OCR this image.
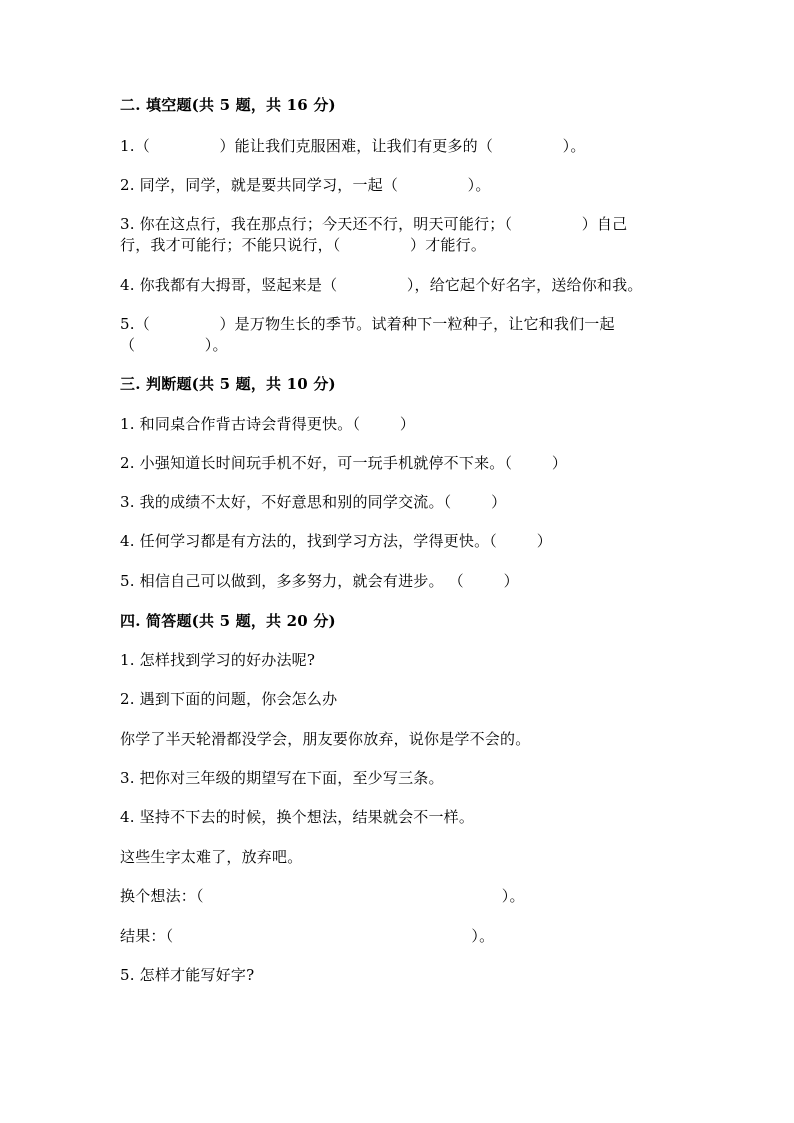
二. 填空题(共 5 题，共 16 分)
1.（              ）能让我们克服困难，让我们有更多的（              ）。
2. 同学，同学，就是要共同学习，一起（              ）。
3. 你在这点行，我在那点行；今天还不行，明天可能行；（              ）自己
行，我才可能行；不能只说行，（              ）才能行。
4. 你我都有大拇哥，竖起来是（              ），给它起个好名字，送给你和我。
5.（              ）是万物生长的季节。试着种下一粒种子，让它和我们一起
（              ）。
三. 判断题(共 5 题，共 10 分)
1. 和同桌合作背古诗会背得更快。（        ）
2. 小强知道长时间玩手机不好，可一玩手机就停不下来。（        ）
3. 我的成绩不太好，不好意思和别的同学交流。（        ）
4. 任何学习都是有方法的，找到学习方法，学得更快。（        ）
5. 相信自己可以做到，多多努力，就会有进步。 （        ）
四. 简答题(共 5 题，共 20 分)
1. 怎样找到学习的好办法呢?
2. 遇到下面的问题，你会怎么办
你学了半天轮滑都没学会，朋友要你放弃，说你是学不会的。
3. 把你对三年级的期望写在下面，至少写三条。
4. 坚持不下去的时候，换个想法，结果就会不一样。
这些生字太难了，放弃吧。
换个想法：（                                                            ）。
结果：（                                                            ）。
5. 怎样才能写好字?
